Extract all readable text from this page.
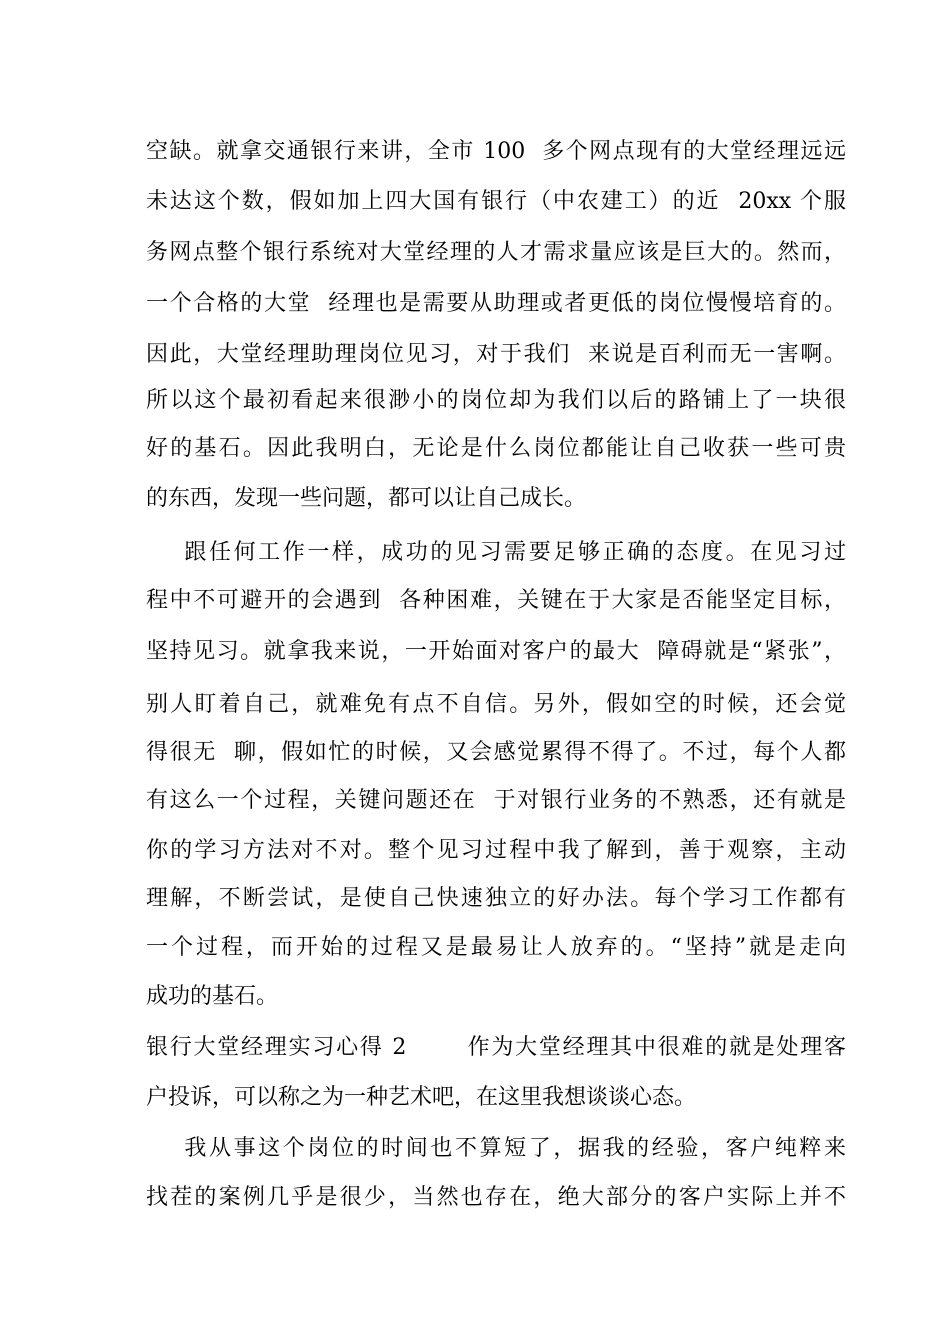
空缺。就拿交通银行来讲，全市 100  多个网点现有的大堂经理远远
未达这个数，假如加上四大国有银行（中农建工）的近  20xx 个服
务网点整个银行系统对大堂经理的人才需求量应该是巨大的。然而，
一个合格的大堂  经理也是需要从助理或者更低的岗位慢慢培育的。
因此，大堂经理助理岗位见习，对于我们  来说是百利而无一害啊。
所以这个最初看起来很渺小的岗位却为我们以后的路铺上了一块很
好的基石。因此我明白，无论是什么岗位都能让自己收获一些可贵
的东西，发现一些问题，都可以让自己成长。
跟任何工作一样，成功的见习需要足够正确的态度。在见习过
程中不可避开的会遇到  各种困难，关键在于大家是否能坚定目标，
坚持见习。就拿我来说，一开始面对客户的最大  障碍就是“紧张”，
别人盯着自己，就难免有点不自信。另外，假如空的时候，还会觉
得很无  聊，假如忙的时候，又会感觉累得不得了。不过，每个人都
有这么一个过程，关键问题还在  于对银行业务的不熟悉，还有就是
你的学习方法对不对。整个见习过程中我了解到，善于观察，主动
理解，不断尝试，是使自己快速独立的好办法。每个学习工作都有
一个过程，而开始的过程又是最易让人放弃的。“坚持”就是走向
成功的基石。
银行大堂经理实习心得 2       作为大堂经理其中很难的就是处理客
户投诉，可以称之为一种艺术吧，在这里我想谈谈心态。
我从事这个岗位的时间也不算短了，据我的经验，客户纯粹来
找茬的案例几乎是很少，当然也存在，绝大部分的客户实际上并不
